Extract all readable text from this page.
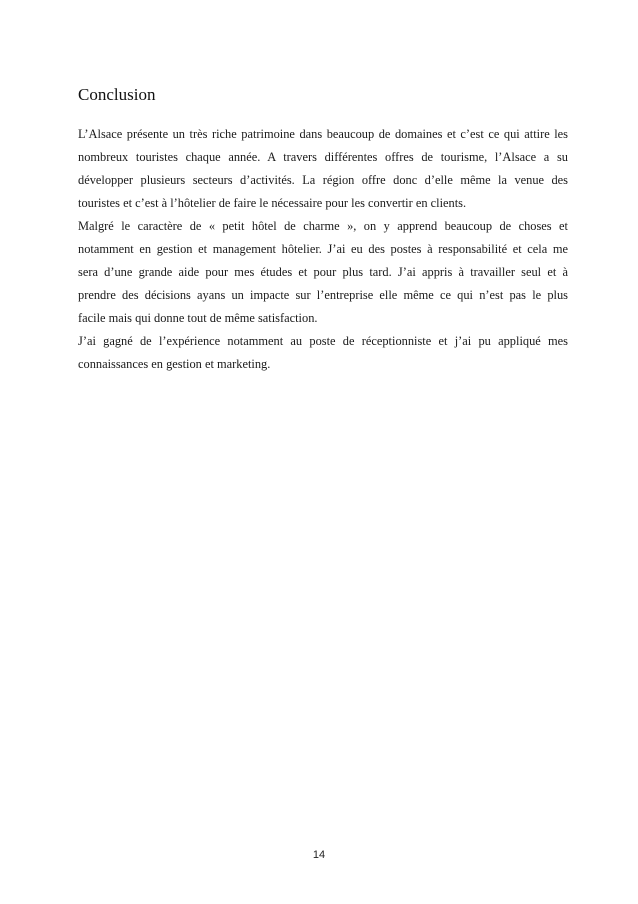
Conclusion

L’Alsace présente un très riche patrimoine dans beaucoup de domaines et c’est ce qui attire les

nombreux touristes chaque année. A travers différentes offres de tourisme, l’Alsace a su

développer plusieurs secteurs d’activités. La région offre donc d’elle même la venue des

touristes et c’est à l’hôtelier de faire le nécessaire pour les convertir en clients.

Malgré le caractère de « petit hôtel de charme », on y apprend beaucoup de choses et

notamment en gestion et management hôtelier. J’ai eu des postes à responsabilité et cela me

sera d’une grande aide pour mes études et pour plus tard. J’ai appris à travailler seul et à

prendre des décisions ayans un impacte sur l’entreprise elle même ce qui n’est pas le plus

facile mais qui donne tout de même satisfaction.

J’ai gagné de l’expérience notamment au poste de réceptionniste et j’ai pu appliqué mes

connaissances en gestion et marketing.

14
